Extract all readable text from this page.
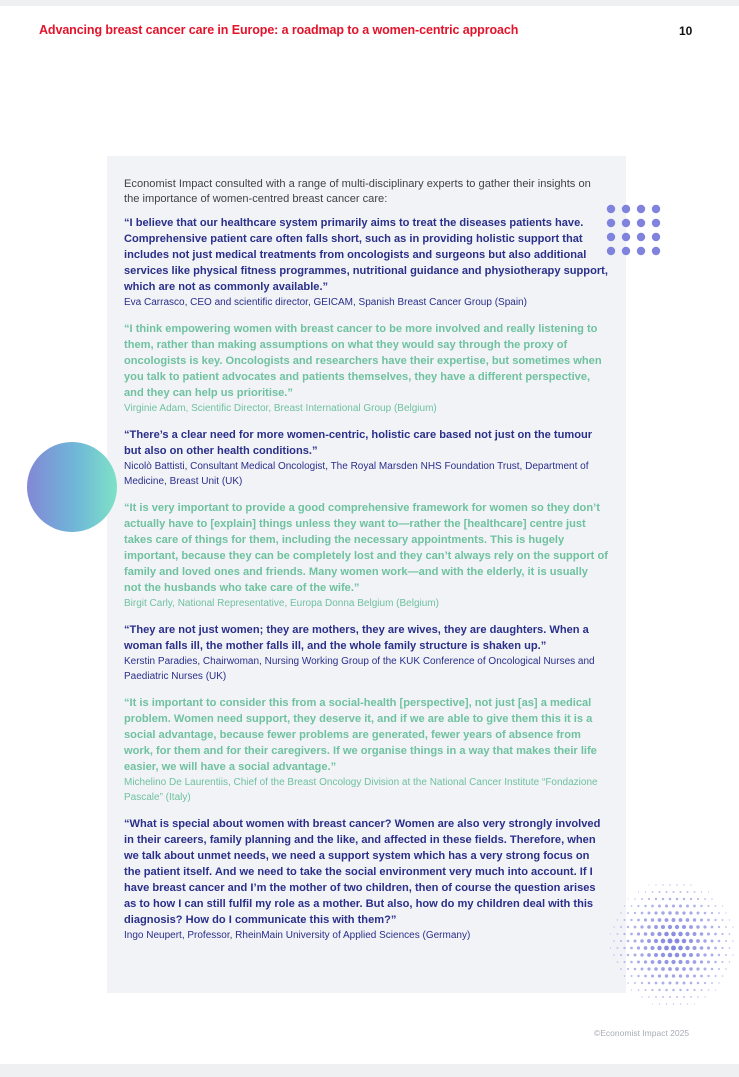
Advancing breast cancer care in Europe: a roadmap to a women-centric approach	10

Economist Impact consulted with a range of multi-disciplinary experts to gather their insights on the importance of women-centred breast cancer care:

“I believe that our healthcare system primarily aims to treat the diseases patients have. Comprehensive patient care often falls short, such as in providing holistic support that includes not just medical treatments from oncologists and surgeons but also additional services like physical fitness programmes, nutritional guidance and physiotherapy support, which are not as commonly available.”

Eva Carrasco, CEO and scientific director, GEICAM, Spanish Breast Cancer Group (Spain)

“I think empowering women with breast cancer to be more involved and really listening to them, rather than making assumptions on what they would say through the proxy of oncologists is key. Oncologists and researchers have their expertise, but sometimes when you talk to patient advocates and patients themselves, they have a different perspective, and they can help us prioritise.”

Virginie Adam, Scientific Director, Breast International Group (Belgium)

“There’s a clear need for more women-centric, holistic care based not just on the tumour but also on other health conditions.”

Nicolò Battisti, Consultant Medical Oncologist, The Royal Marsden NHS Foundation Trust, Department of Medicine, Breast Unit (UK)

“It is very important to provide a good comprehensive framework for women so they don’t actually have to [explain] things unless they want to—rather the [healthcare] centre just takes care of things for them, including the necessary appointments. This is hugely important, because they can be completely lost and they can’t always rely on the support of family and loved ones and friends. Many women work—and with the elderly, it is usually not the husbands who take care of the wife.”

Birgit Carly, National Representative, Europa Donna Belgium (Belgium)

“They are not just women; they are mothers, they are wives, they are daughters. When a woman falls ill, the mother falls ill, and the whole family structure is shaken up.”

Kerstin Paradies, Chairwoman, Nursing Working Group of the KUK Conference of Oncological Nurses and Paediatric Nurses (UK)

“It is important to consider this from a social-health [perspective], not just [as] a medical problem. Women need support, they deserve it, and if we are able to give them this it is a social advantage, because fewer problems are generated, fewer years of absence from work, for them and for their caregivers. If we organise things in a way that makes their life easier, we will have a social advantage.”

Michelino De Laurentiis, Chief of the Breast Oncology Division at the National Cancer Institute “Fondazione Pascale” (Italy)

“What is special about women with breast cancer? Women are also very strongly involved in their careers, family planning and the like, and affected in these fields. Therefore, when we talk about unmet needs, we need a support system which has a very strong focus on the patient itself. And we need to take the social environment very much into account. If I have breast cancer and I’m the mother of two children, then of course the question arises as to how I can still fulfil my role as a mother. But also, how do my children deal with this diagnosis? How do I communicate this with them?”

Ingo Neupert, Professor, RheinMain University of Applied Sciences (Germany)

©Economist Impact 2025
